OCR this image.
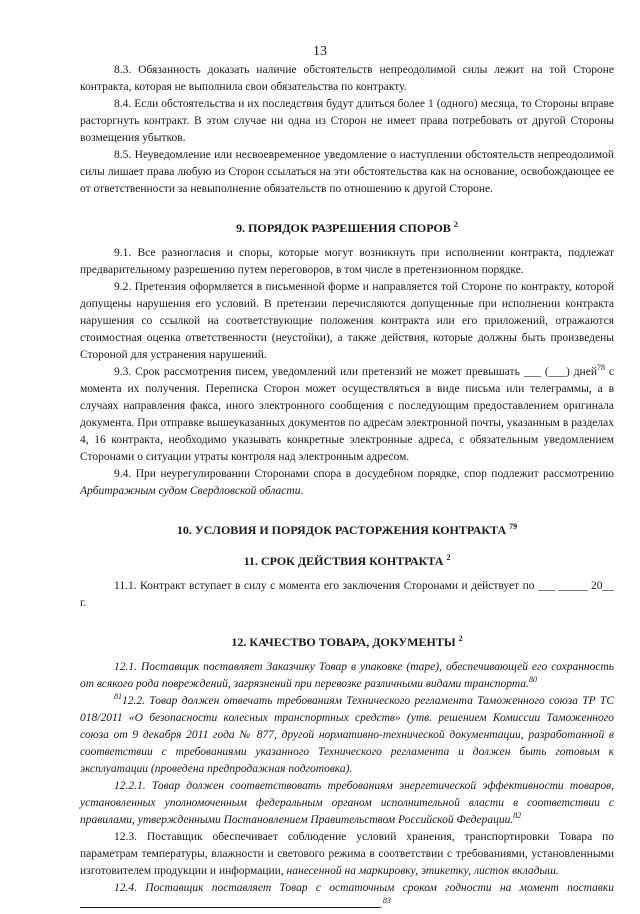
13

8.3. Обязанность доказать наличие обстоятельств непреодолимой силы лежит на той Стороне контракта, которая не выполнила свои обязательства по контракту.

8.4. Если обстоятельства и их последствия будут длиться более 1 (одного) месяца, то Стороны вправе расторгнуть контракт. В этом случае ни одна из Сторон не имеет права потребовать от другой Стороны возмещения убытков.

8.5. Неуведомление или несвоевременное уведомление о наступлении обстоятельств непреодолимой силы лишает права любую из Сторон ссылаться на эти обстоятельства как на основание, освобождающее ее от ответственности за невыполнение обязательств по отношению к другой Стороне.

9. ПОРЯДОК РАЗРЕШЕНИЯ СПОРОВ $^2$

9.1. Все разногласия и споры, которые могут возникнуть при исполнении контракта, подлежат предварительному разрешению путем переговоров, в том числе в претензионном порядке.

9.2. Претензия оформляется в письменной форме и направляется той Стороне по контракту, которой допущены нарушения его условий. В претензии перечисляются допущенные при исполнении контракта нарушения со ссылкой на соответствующие положения контракта или его приложений, отражаются стоимостная оценка ответственности (неустойки), а также действия, которые должны быть произведены Стороной для устранения нарушений.

9.3. Срок рассмотрения писем, уведомлений или претензий не может превышать ___ (___) дней$^{78}$ с момента их получения. Переписка Сторон может осуществляться в виде письма или телеграммы, а в случаях направления факса, иного электронного сообщения с последующим предоставлением оригинала документа. При отправке вышеуказанных документов по адресам электронной почты, указанным в разделах 4, 16 контракта, необходимо указывать конкретные электронные адреса, с обязательным уведомлением Сторонами о ситуации утраты контроля над электронным адресом.

9.4. При неурегулировании Сторонами спора в досудебном порядке, спор подлежит рассмотрению Арбитражным судом Свердловской области.

10. УСЛОВИЯ И ПОРЯДОК РАСТОРЖЕНИЯ КОНТРАКТА $^{79}$
11. СРОК ДЕЙСТВИЯ КОНТРАКТА $^2$

11.1. Контракт вступает в силу с момента его заключения Сторонами и действует по ___ _____ 20__ г.

12. КАЧЕСТВО ТОВАРА, ДОКУМЕНТЫ $^2$

12.1. Поставщик поставляет Заказчику Товар в упаковке (таре), обеспечивающей его сохранность от всякого рода повреждений, загрязнений при перевозке различными видами транспорта.$^{80}$

$^{81}$12.2. Товар должен отвечать требованиям Технического регламента Таможенного союза ТР ТС 018/2011 «О безопасности колесных транспортных средств» (утв. решением Комиссии Таможенного союза от 9 декабря 2011 года № 877, другой нормативно-технической документации, разработанной в соответствии с требованиями указанного Технического регламента и должен быть готовым к эксплуатации (проведена предпродажная подготовка).

12.2.1. Товар должен соответствовать требованиям энергетической эффективности товаров, установленных уполномоченным федеральным органом исполнительной власти в соответствии с правилами, утвержденными Постановлением Правительством Российской Федерации.$^{82}$

12.3. Поставщик обеспечивает соблюдение условий хранения, транспортировки Товара по параметрам температуры, влажности и светового режима в соответствии с требованиями, установленными изготовителем продукции и информации, нанесенной на маркировку, этикетку, листок вкладыш.

12.4. Поставщик поставляет Товар с остаточным сроком годности на момент поставки .$^{83}$
